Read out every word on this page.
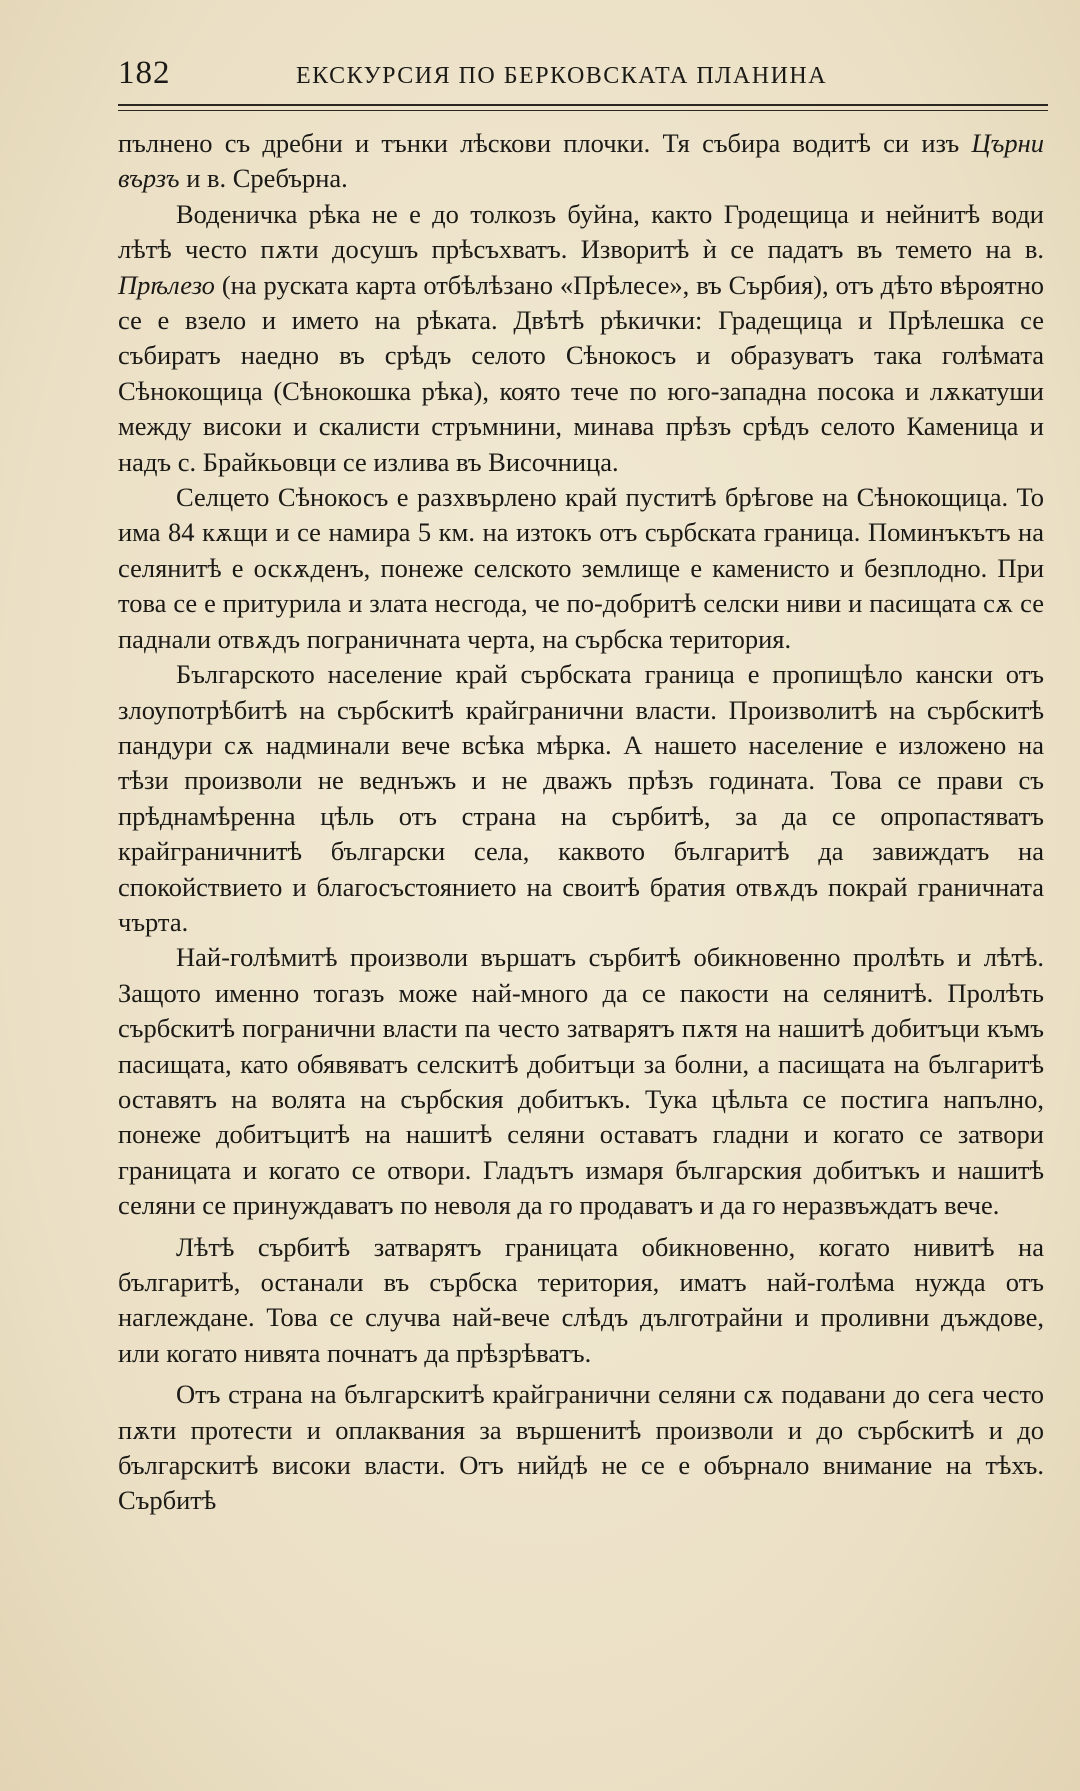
182	ЕКСКУРСИЯ ПО БЕРКОВСКАТА ПЛАНИНА

пълнено съ дребни и тънки лѣскови плочки. Тя събира водитѣ си изъ Църни вързъ и в. Сребърна.

Воденичка рѣка не е до толкозъ буйна, както Гродещица и нейнитѣ води лѣтѣ често пѫти досушъ прѣсъхватъ. Изворитѣ ѝ се падатъ въ темето на в. Прѣлезо (на руската карта отбѣлѣзано «Прѣлесе», въ Сърбия), отъ дѣто вѣроятно се е взело и името на рѣката. Двѣтѣ рѣкички: Градещица и Прѣлешка се събиратъ наедно въ срѣдъ селото Сѣнокосъ и образуватъ така голѣмата Сѣнокощица (Сѣнокошка рѣка), която тече по юго-западна посока и лѫкатуши между високи и скалисти стръмнини, минава прѣзъ срѣдъ селото Каменица и надъ с. Брайкьовци се излива въ Височница.

Селцето Сѣнокосъ е разхвърлено край пуститѣ брѣгове на Сѣнокощица. То има 84 кѫщи и се намира 5 км. на изтокъ отъ сърбската граница. Поминъкътъ на селянитѣ е оскѫденъ, понеже селското землище е каменисто и безплодно. При това се е притурила и злата несгода, че по-добритѣ селски ниви и пасищата сѫ се паднали отвѫдъ пограничната черта, на сърбска територия.

Българското население край сърбската граница е пропищѣло кански отъ злоупотрѣбитѣ на сърбскитѣ крайгранични власти. Произволитѣ на сърбскитѣ пандури сѫ надминали вече всѣка мѣрка. А нашето население е изложено на тѣзи произволи не веднъжъ и не дважъ прѣзъ годината. Това се прави съ прѣднамѣренна цѣль отъ страна на сърбитѣ, за да се опропастяватъ крайграничнитѣ български села, каквото българитѣ да завиждатъ на спокойствието и благосъстоянието на своитѣ братия отвѫдъ покрай граничната чърта.

Най-голѣмитѣ произволи вършатъ сърбитѣ обикновенно пролѣть и лѣтѣ. Защото именно тогазъ може най-много да се пакости на селянитѣ. Пролѣть сърбскитѣ погранични власти па често затварятъ пѫтя на нашитѣ добитъци къмъ пасищата, като обявяватъ селскитѣ добитъци за болни, а пасищата на българитѣ оставятъ на волята на сърбския добитъкъ. Тука цѣльта се постига напълно, понеже добитъцитѣ на нашитѣ селяни оставатъ гладни и когато се затвори границата и когато се отвори. Гладътъ измаря българския добитъкъ и нашитѣ селяни се принуждаватъ по неволя да го продаватъ и да го неразвъждатъ вече.

Лѣтѣ сърбитѣ затварятъ границата обикновенно, когато нивитѣ на българитѣ, останали въ сърбска територия, иматъ най-голѣма нужда отъ наглеждане. Това се случва най-вече слѣдъ дълготрайни и проливни дъждове, или когато нивята почнатъ да прѣзрѣватъ.

Отъ страна на българскитѣ крайгранични селяни сѫ подавани до сега често пѫти протести и оплаквания за вършенитѣ произволи и до сърбскитѣ и до българскитѣ високи власти. Отъ нийдѣ не се е обърнало внимание на тѣхъ. Сърбитѣ
